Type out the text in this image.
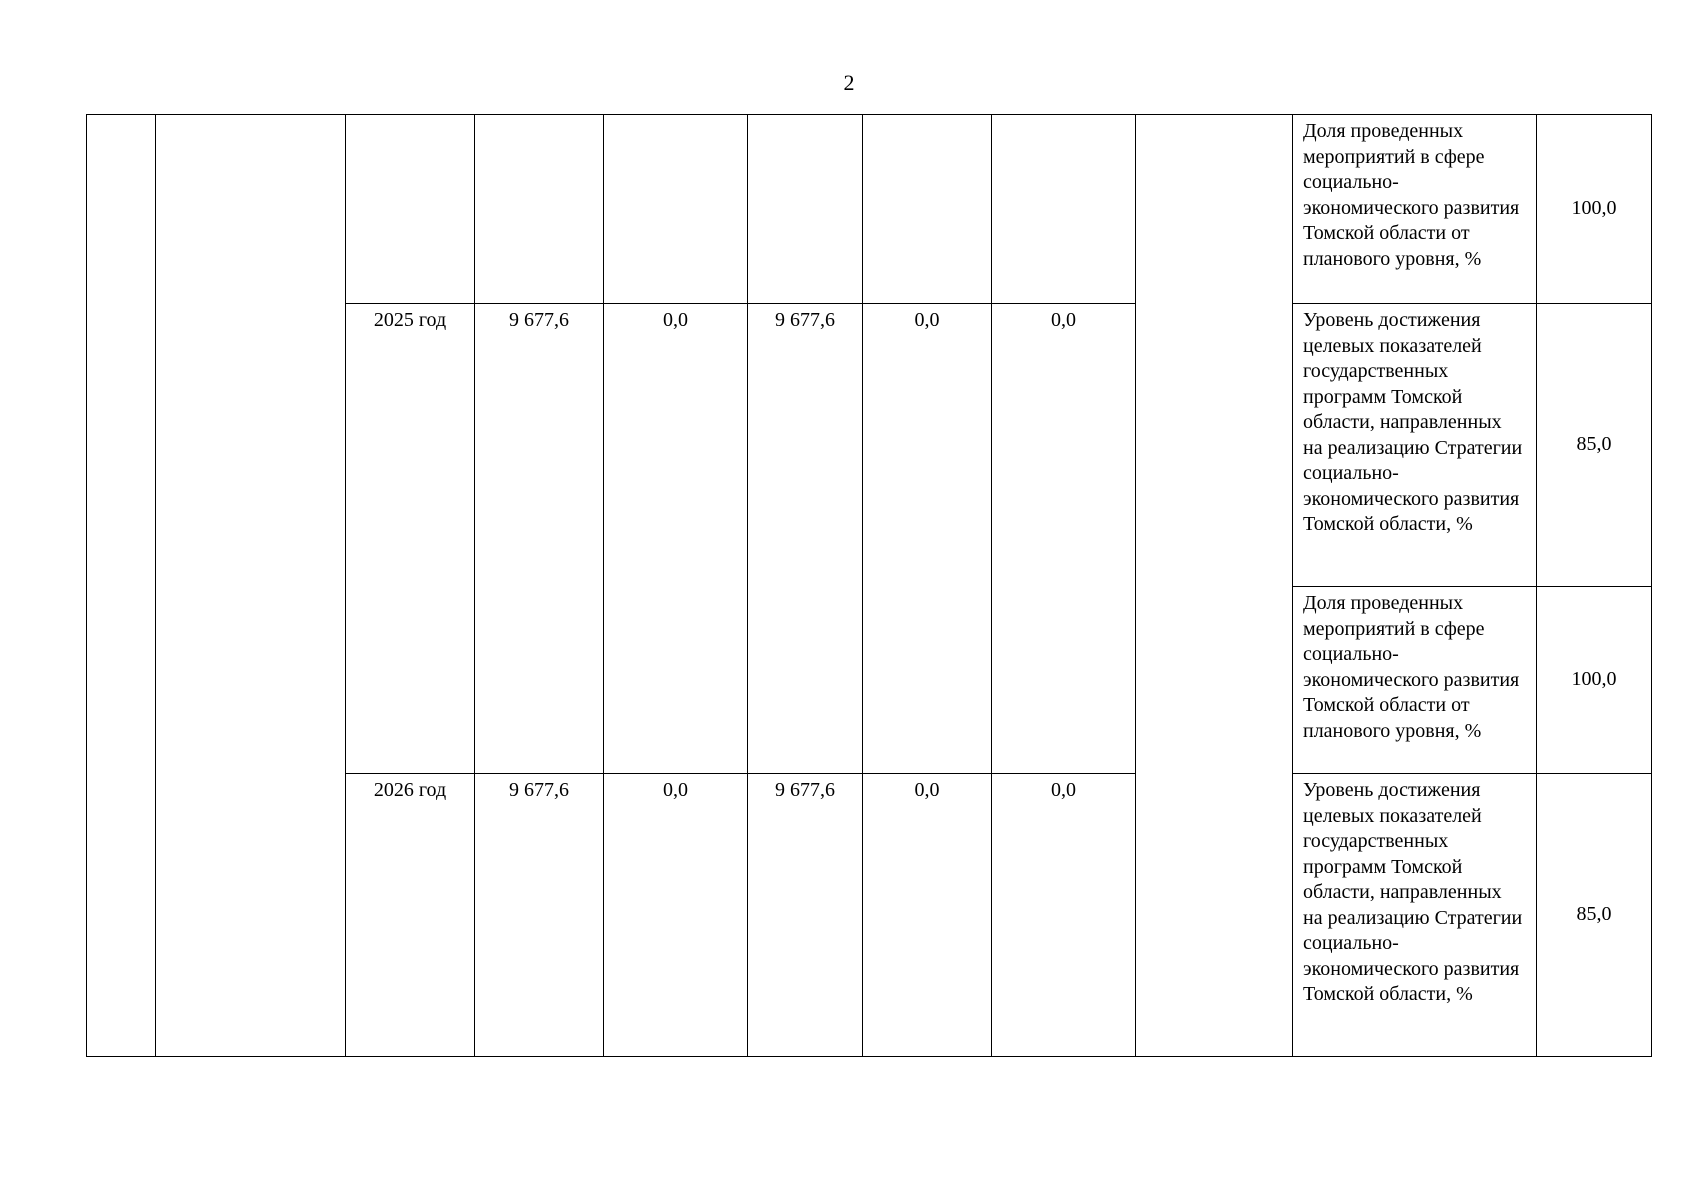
2
									Доля проведенных мероприятий в сфере социально-экономического развития Томской области от планового уровня, %	100,0
		2025 год	9 677,6	0,0	9 677,6	0,0	0,0		Уровень достижения целевых показателей государственных программ Томской области, направленных на реализацию Стратегии социально-экономического развития Томской области, %	85,0
									Доля проведенных мероприятий в сфере социально-экономического развития Томской области от планового уровня, %	100,0
		2026 год	9 677,6	0,0	9 677,6	0,0	0,0		Уровень достижения целевых показателей государственных программ Томской области, направленных на реализацию Стратегии социально-экономического развития Томской области, %	85,0
